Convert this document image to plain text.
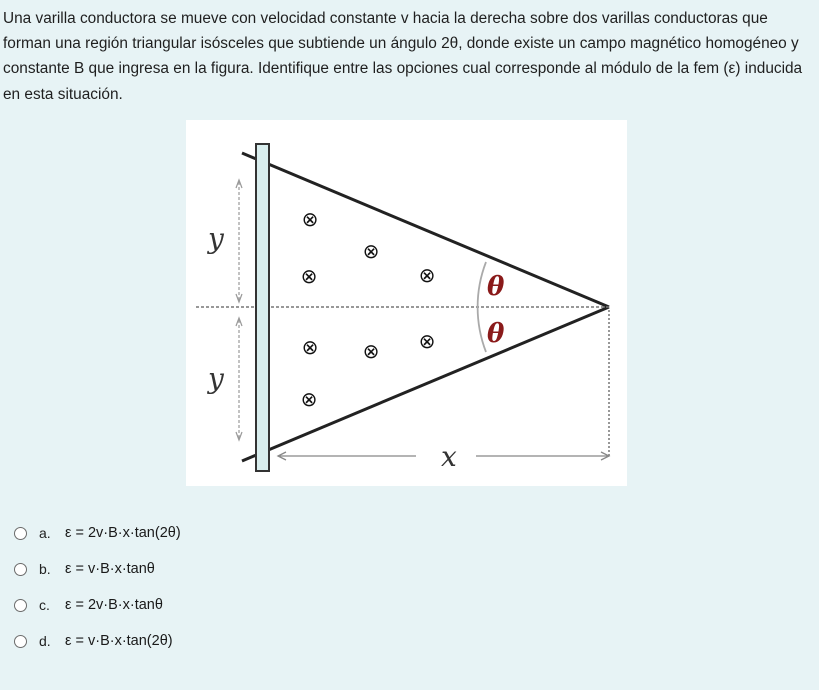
Una varilla conductora se mueve con velocidad constante v hacia la derecha sobre dos varillas conductoras que forman una región triangular isósceles que subtiende un ángulo 2θ, donde existe un campo magnético homogéneo y constante B que ingresa en la figura. Identifique entre las opciones cual corresponde al módulo de la fem (ε) inducida en esta situación.

y
y
θ
θ
x
⊗
⊗
⊗	⊗
⊗ ⊗ ⊗
⊗
a. ε = 2v·B·x·tan(2θ)
b. ε = v·B·x·tanθ
c.	ε = 2v·B·x·tanθ
d. ε = v·B·x·tan(2θ)
